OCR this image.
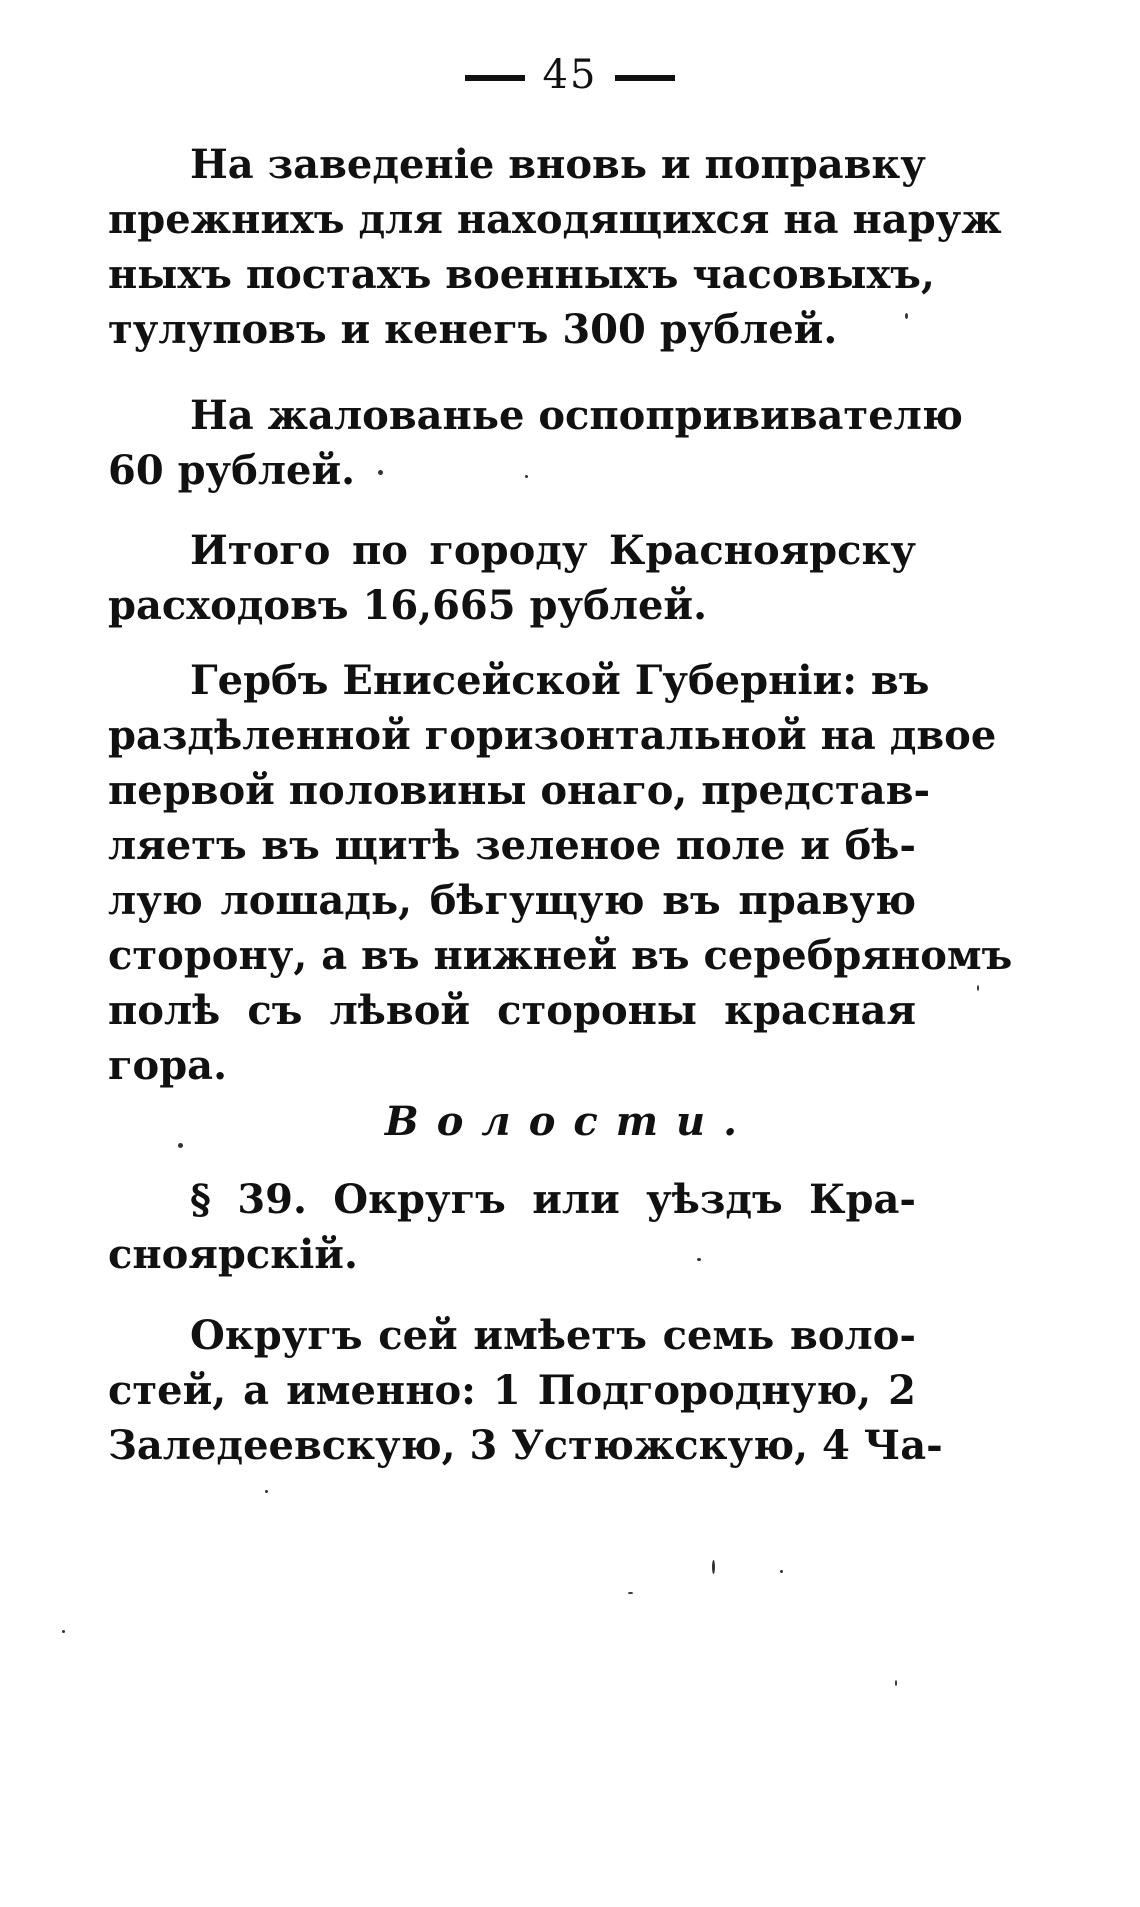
45
На заведенie вновь и поправку
прежнихъ для находящихся на наруж
ныхъ постахъ военныхъ часовыхъ,
тулуповъ и кенегъ 300 рублей.
На жалованье оспопрививателю
60 рублей.
Итого по городу Красноярску
расходовъ 16,665 рублей.
Гербъ Енисейской Губернiи: въ
раздѣленной горизонтальной на двое
первой половины онаго, представ-
ляетъ въ щитѣ зеленое поле и бѣ-
лую лошадь, бѣгущую въ правую
сторону, а въ нижней въ серебряномъ
полѣ съ лѣвой стороны красная
гора.
Волости.
§ 39. Округъ или уѣздъ Кра-
сноярскiй.
Округъ сей имѣетъ семь воло-
стей, а именно: 1 Подгородную, 2
Заледеевскую, 3 Устюжскую, 4 Ча-
